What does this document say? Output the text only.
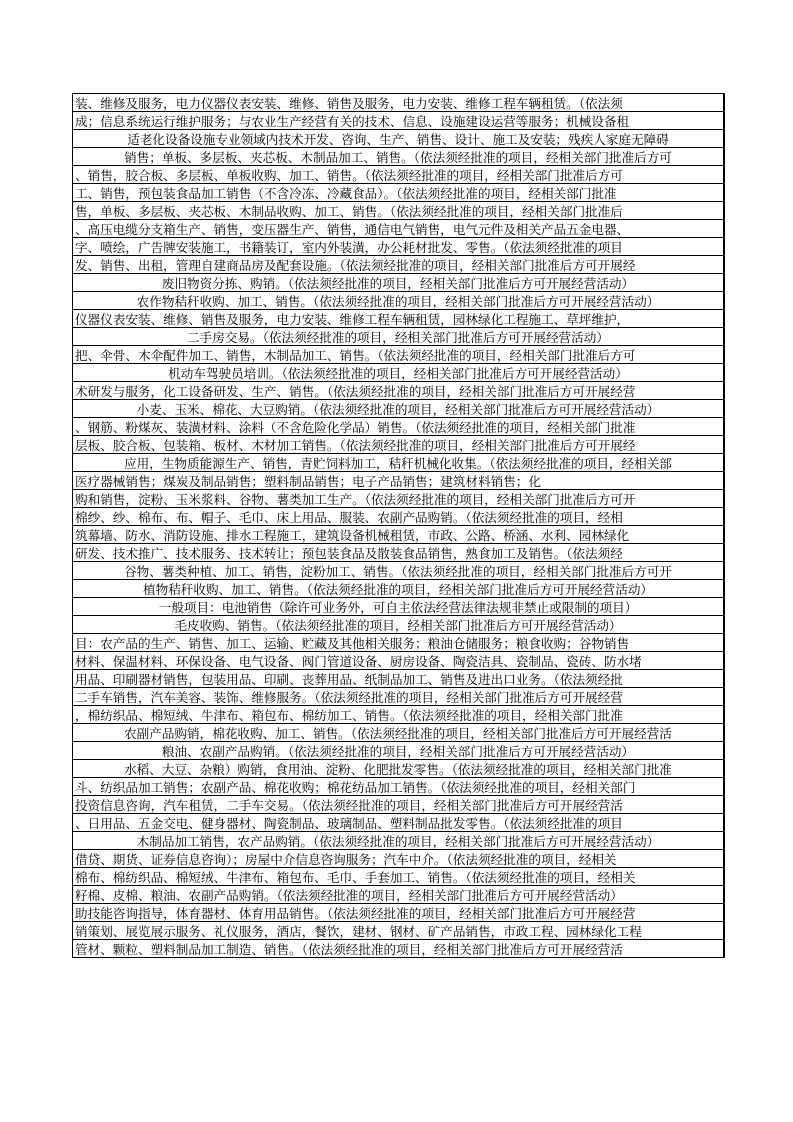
装、维修及服务，电力仪器仪表安装、维修、销售及服务，电力安装、维修工程车辆租赁。（依法须
成；信息系统运行维护服务；与农业生产经营有关的技术、信息、设施建设运营等服务；机械设备租
适老化设备设施专业领域内技术开发、咨询、生产、销售、设计、施工及安装；残疾人家庭无障碍
销售；单板、多层板、夹芯板、木制品加工、销售。（依法须经批准的项目，经相关部门批准后方可
、销售，胶合板、多层板、单板收购、加工、销售。（依法须经批准的项目，经相关部门批准后方可
工、销售，预包装食品加工销售（不含冷冻、冷藏食品）。（依法须经批准的项目，经相关部门批准
售，单板、多层板、夹芯板、木制品收购、加工、销售。（依法须经批准的项目，经相关部门批准后
、高压电缆分支箱生产、销售，变压器生产、销售，通信电气销售，电气元件及相关产品五金电器、
字、喷绘，广告牌安装施工，书籍装订，室内外装潢，办公耗材批发、零售。（依法须经批准的项目
发、销售、出租，管理自建商品房及配套设施。（依法须经批准的项目，经相关部门批准后方可开展经
废旧物资分拣、购销。（依法须经批准的项目，经相关部门批准后方可开展经营活动）
农作物秸秆收购、加工、销售。（依法须经批准的项目，经相关部门批准后方可开展经营活动）
仪器仪表安装、维修、销售及服务，电力安装、维修工程车辆租赁，园林绿化工程施工、草坪维护，
二手房交易。（依法须经批准的项目，经相关部门批准后方可开展经营活动）
把、伞骨、木伞配件加工、销售，木制品加工、销售。（依法须经批准的项目，经相关部门批准后方可
机动车驾驶员培训。（依法须经批准的项目，经相关部门批准后方可开展经营活动）
术研发与服务，化工设备研发、生产、销售。（依法须经批准的项目，经相关部门批准后方可开展经营
小麦、玉米、棉花、大豆购销。（依法须经批准的项目，经相关部门批准后方可开展经营活动）
、钢筋、粉煤灰、装潢材料、涂料（不含危险化学品）销售。（依法须经批准的项目，经相关部门批准
层板、胶合板、包装箱、板材、木材加工销售。（依法须经批准的项目，经相关部门批准后方可开展经
应用，生物质能源生产、销售，青贮饲料加工，秸秆机械化收集。（依法须经批准的项目，经相关部
医疗器械销售；煤炭及制品销售；塑料制品销售；电子产品销售；建筑材料销售；化
购和销售，淀粉、玉米浆料、谷物、薯类加工生产。（依法须经批准的项目，经相关部门批准后方可开
棉纱、纱、棉布、布、帽子、毛巾、床上用品、服装、农副产品购销。（依法须经批准的项目，经相
筑幕墙、防水、消防设施、排水工程施工，建筑设备机械租赁，市政、公路、桥涵、水利、园林绿化
研发、技术推广、技术服务、技术转让；预包装食品及散装食品销售，熟食加工及销售。（依法须经
谷物、薯类种植、加工、销售，淀粉加工、销售。（依法须经批准的项目，经相关部门批准后方可开
植物秸秆收购、加工、销售。（依法须经批准的项目，经相关部门批准后方可开展经营活动）
一般项目：电池销售（除许可业务外，可自主依法经营法律法规非禁止或限制的项目）
毛皮收购、销售。（依法须经批准的项目，经相关部门批准后方可开展经营活动）
目：农产品的生产、销售、加工、运输、贮藏及其他相关服务；粮油仓储服务；粮食收购；谷物销售
材料、保温材料、环保设备、电气设备、阀门管道设备、厨房设备、陶瓷洁具、瓷制品、瓷砖、防水堵
用品、印刷器材销售，包装用品、印刷、丧葬用品、纸制品加工、销售及进出口业务。（依法须经批
二手车销售，汽车美容、装饰、维修服务。（依法须经批准的项目，经相关部门批准后方可开展经营
，棉纺织品、棉短绒、牛津布、箱包布、棉纺加工、销售。（依法须经批准的项目，经相关部门批准
农副产品购销，棉花收购、加工、销售。（依法须经批准的项目，经相关部门批准后方可开展经营活
粮油、农副产品购销。（依法须经批准的项目，经相关部门批准后方可开展经营活动）
水稻、大豆、杂粮）购销，食用油、淀粉、化肥批发零售。（依法须经批准的项目，经相关部门批准
斗、纺织品加工销售；农副产品、棉花收购；棉花纺品加工销售。（依法须经批准的项目，经相关部门
投资信息咨询，汽车租赁，二手车交易。（依法须经批准的项目，经相关部门批准后方可开展经营活
、日用品、五金交电、健身器材、陶瓷制品、玻璃制品、塑料制品批发零售。（依法须经批准的项目
木制品加工销售，农产品购销。（依法须经批准的项目，经相关部门批准后方可开展经营活动）
借贷、期货、证券信息咨询）；房屋中介信息咨询服务；汽车中介。（依法须经批准的项目，经相关
棉布、棉纺织品、棉短绒、牛津布、箱包布、毛巾、手套加工、销售。（依法须经批准的项目，经相关
籽棉、皮棉、粮油、农副产品购销。（依法须经批准的项目，经相关部门批准后方可开展经营活动）
助技能咨询指导，体育器材、体育用品销售。（依法须经批准的项目，经相关部门批准后方可开展经营
销策划、展览展示服务、礼仪服务，酒店，餐饮，建材、钢材、矿产品销售，市政工程、园林绿化工程
管材、颗粒、塑料制品加工制造、销售。（依法须经批准的项目，经相关部门批准后方可开展经营活
